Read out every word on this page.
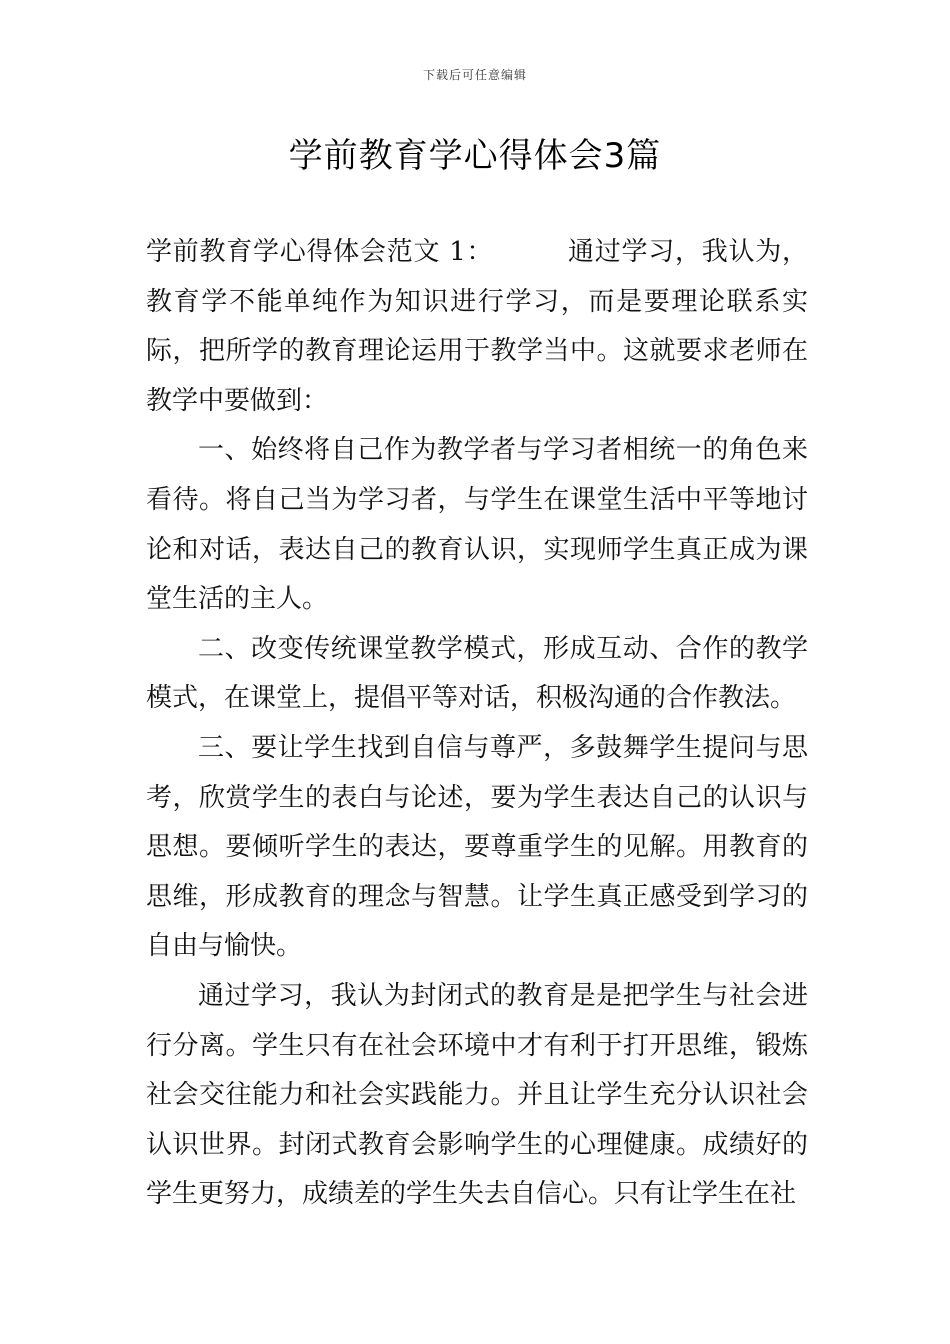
下载后可任意编辑
学前教育学心得体会3篇

学前教育学心得体会范文 1：	通过学习，我认为，教育学不能单纯作为知识进行学习，而是要理论联系实际，把所学的教育理论运用于教学当中。这就要求老师在教学中要做到：

一、始终将自己作为教学者与学习者相统一的角色来看待。将自己当为学习者，与学生在课堂生活中平等地讨论和对话，表达自己的教育认识，实现师学生真正成为课堂生活的主人。

二、改变传统课堂教学模式，形成互动、合作的教学模式，在课堂上，提倡平等对话，积极沟通的合作教法。

三、要让学生找到自信与尊严，多鼓舞学生提问与思考，欣赏学生的表白与论述，要为学生表达自己的认识与思想。要倾听学生的表达，要尊重学生的见解。用教育的思维，形成教育的理念与智慧。让学生真正感受到学习的自由与愉快。

通过学习，我认为封闭式的教育是是把学生与社会进行分离。学生只有在社会环境中才有利于打开思维，锻炼社会交往能力和社会实践能力。并且让学生充分认识社会认识世界。封闭式教育会影响学生的心理健康。成绩好的学生更努力，成绩差的学生失去自信心。只有让学生在社
